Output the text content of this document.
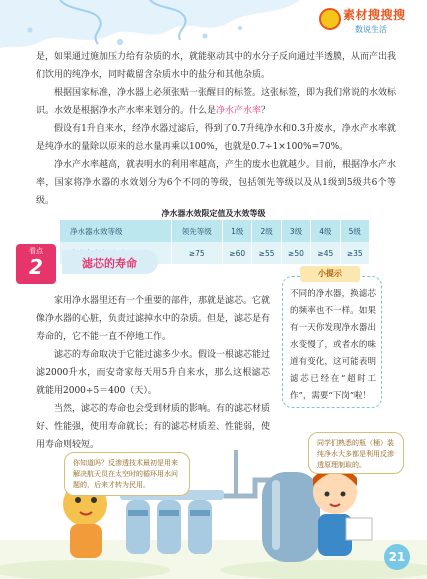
素材搜搜搜
数说生活
是，如果通过施加压力给有杂质的水，就能驱动其中的水分子反向通过半透膜，从而产出我们饮用的纯净水，同时截留含杂质水中的盐分和其他杂质。
根据国家标准，净水器上必须张贴一张醒目的标签。这张标签，即为我们常说的水效标识。水效是根据净水产水率来划分的。什么是净水产水率？
假设有1升自来水，经净水器过滤后，得到了0.7升纯净水和0.3升废水，净水产水率就是纯净水的量除以原来的总水量再乘以100%，也就是0.7÷1×100%=70%。
净水产水率越高，就表明水的利用率越高，产生的废水也就越少。目前，根据净水产水率，国家将净水器的水效划分为6个不同的等级，包括领先等级以及从1级到5级共6个等级。
净水器水效限定值及水效等级
净水器水效等级	领先等级	1级	2级	3级	4级	5级
	≥75	≥60	≥55	≥50	≥45	≥35
看点
2	滤芯的寿命
家用净水器里还有一个重要的部件，那就是滤芯。它就像净水器的心脏，负责过滤掉水中的杂质。但是，滤芯是有寿命的，它不能一直不停地工作。
滤芯的寿命取决于它能过滤多少水。假设一根滤芯能过滤2000升水，而安奇家每天用5升自来水，那么这根滤芯就能用2000÷5＝400（天）。
当然，滤芯的寿命也会受到材质的影响。有的滤芯材质好、性能强，使用寿命就长；有的滤芯材质差、性能弱，使用寿命则较短。
小提示
不同的净水器，换滤芯的频率也不一样。如果有一天你发现净水器出水变慢了，或者水的味道有变化，这可能表明滤芯已经在“超时工作”，需要“下岗”啦！
你知道吗？反渗透技术最初是用来解决航天员在太空时的循环用水问题的，后来才转为民用。
同学们熟悉的瓶（桶）装纯净水大多都是利用反渗透原理制取的。
21
